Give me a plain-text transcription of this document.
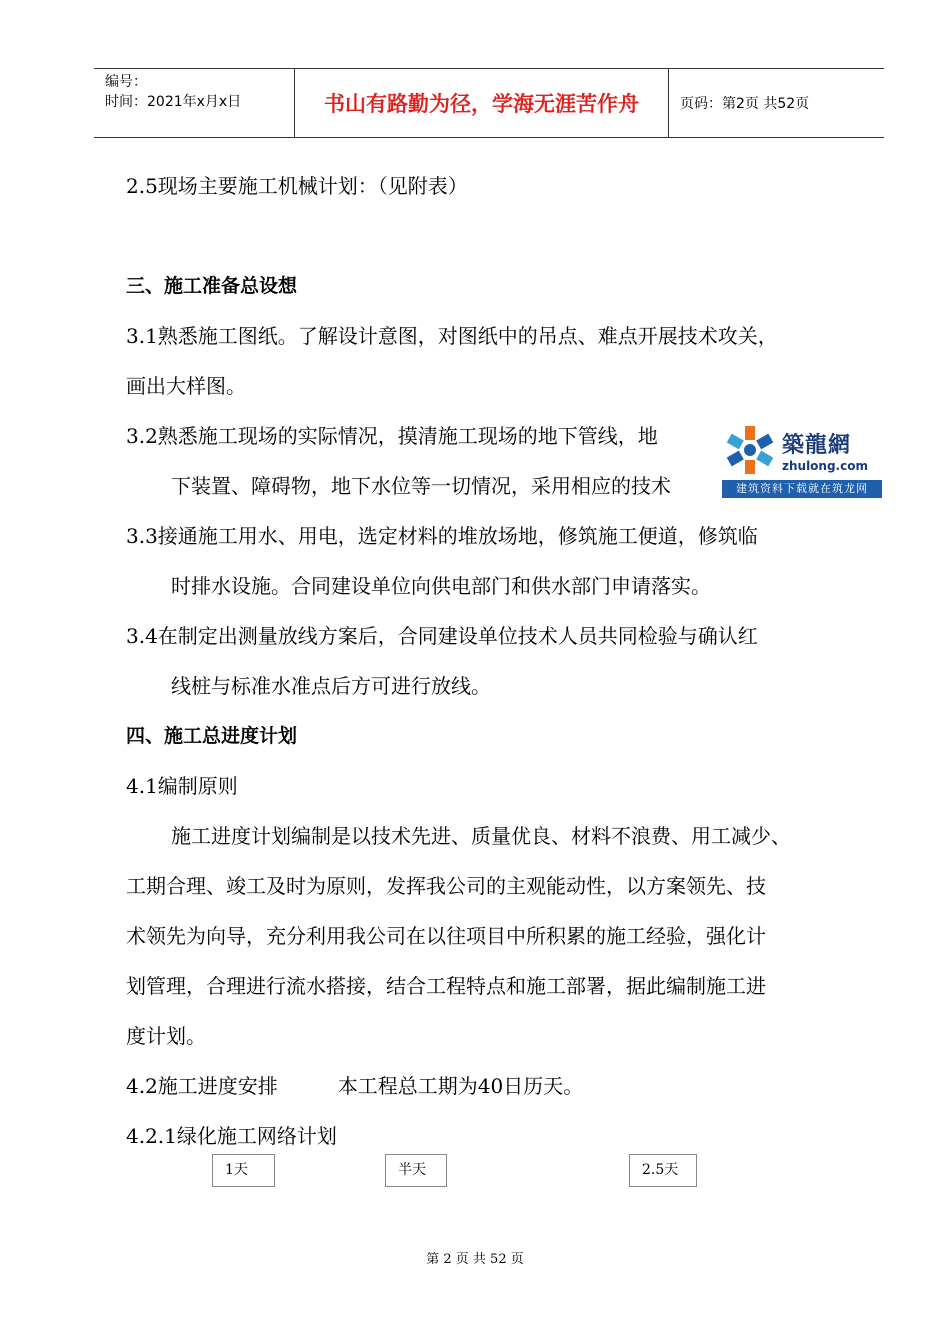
编号：
时间：2021年x月x日	书山有路勤为径，学海无涯苦作舟	页码：第2页 共52页
2.5现场主要施工机械计划：（见附表）
三、施工准备总设想
3.1熟悉施工图纸。了解设计意图，对图纸中的吊点、难点开展技术攻关，
画出大样图。
3.2熟悉施工现场的实际情况，摸清施工现场的地下管线，地
下装置、障碍物，地下水位等一切情况，采用相应的技术
3.3接通施工用水、用电，选定材料的堆放场地，修筑施工便道，修筑临
时排水设施。合同建设单位向供电部门和供水部门申请落实。
3.4在制定出测量放线方案后，合同建设单位技术人员共同检验与确认红
线桩与标准水准点后方可进行放线。
四、施工总进度计划
4.1编制原则
施工进度计划编制是以技术先进、质量优良、材料不浪费、用工减少、
工期合理、竣工及时为原则，发挥我公司的主观能动性，以方案领先、技
术领先为向导，充分利用我公司在以往项目中所积累的施工经验，强化计
划管理，合理进行流水搭接，结合工程特点和施工部署，据此编制施工进
度计划。
4.2施工进度安排	本工程总工期为40日历天。
4.2.1绿化施工网络计划
1天	半天	2.5天
第 2 页 共 52 页
築龍網
zhulong.com
建筑资料下载就在筑龙网
